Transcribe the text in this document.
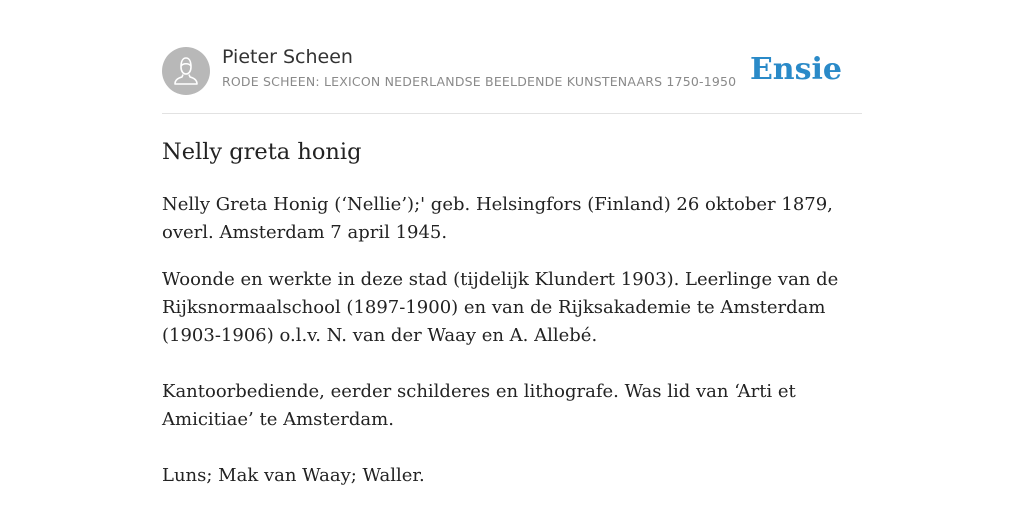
Pieter Scheen
RODE SCHEEN: LEXICON NEDERLANDSE BEELDENDE KUNSTENAARS 1750-1950 Ensie
Nelly greta honig

Nelly Greta Honig (‘Nellie’);' geb. Helsingfors (Finland) 26 oktober 1879, overl. Amsterdam 7 april 1945.

Woonde en werkte in deze stad (tijdelijk Klundert 1903). Leerlinge van de Rijksnormaalschool (1897-1900) en van de Rijksakademie te Amsterdam (1903-1906) o.l.v. N. van der Waay en A. Allebé.

Kantoorbediende, eerder schilderes en lithografe. Was lid van ‘Arti et Amicitiae’ te Amsterdam.

Luns; Mak van Waay; Waller.
